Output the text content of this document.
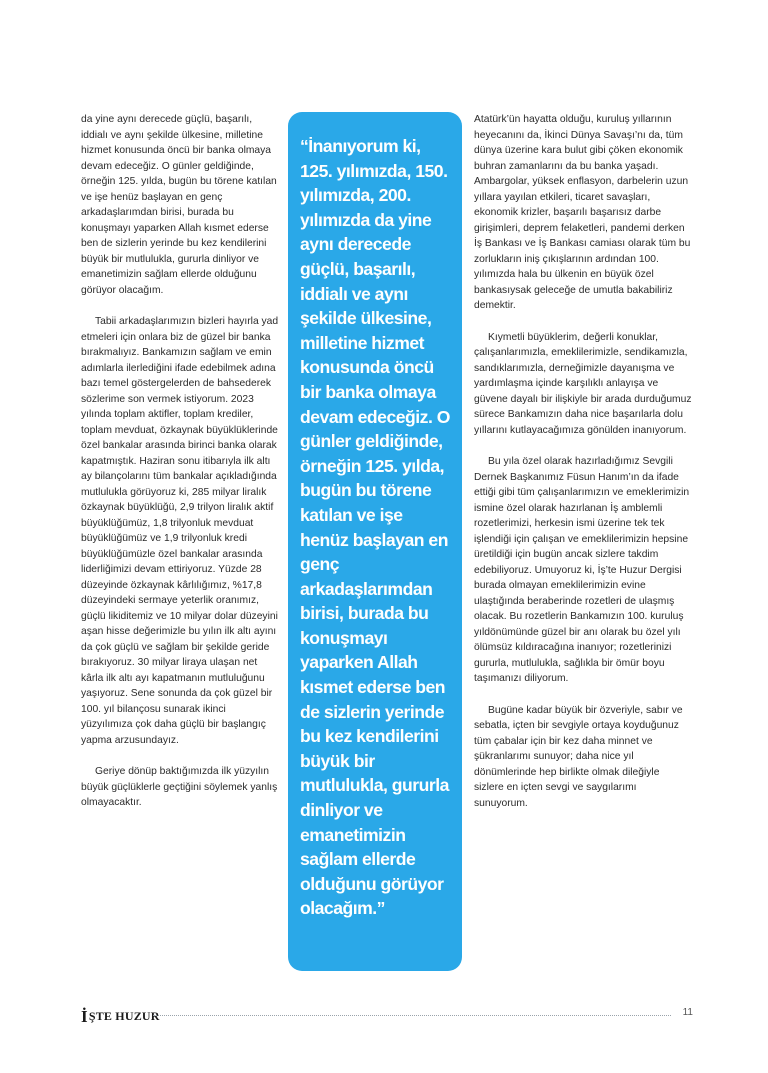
da yine aynı derecede güçlü, başarılı, iddialı ve aynı şekilde ülkesine, milletine hizmet konusunda öncü bir banka olmaya devam edeceğiz. O günler geldiğinde, örneğin 125. yılda, bugün bu törene katılan ve işe henüz başlayan en genç arkadaşlarımdan birisi, burada bu konuşmayı yaparken Allah kısmet ederse ben de sizlerin yerinde bu kez kendilerini büyük bir mutlulukla, gururla dinliyor ve emanetimizin sağlam ellerde olduğunu görüyor olacağım.

Tabii arkadaşlarımızın bizleri hayırla yad etmeleri için onlara biz de güzel bir banka bırakmalıyız. Bankamızın sağlam ve emin adımlarla ilerlediğini ifade edebilmek adına bazı temel göstergelerden de bahsederek sözlerime son vermek istiyorum. 2023 yılında toplam aktifler, toplam krediler, toplam mevduat, özkaynak büyüklüklerinde özel bankalar arasında birinci banka olarak kapatmıştık. Haziran sonu itibarıyla ilk altı ay bilançolarını tüm bankalar açıkladığında mutlulukla görüyoruz ki, 285 milyar liralık özkaynak büyüklüğü, 2,9 trilyon liralık aktif büyüklüğümüz, 1,8 trilyonluk mevduat büyüklüğümüz ve 1,9 trilyonluk kredi büyüklüğümüzle özel bankalar arasında liderliğimizi devam ettiriyoruz. Yüzde 28 düzeyinde özkaynak kârlılığımız, %17,8 düzeyindeki sermaye yeterlik oranımız, güçlü likiditemiz ve 10 milyar dolar düzeyini aşan hisse değerimizle bu yılın ilk altı ayını da çok güçlü ve sağlam bir şekilde geride bırakıyoruz. 30 milyar liraya ulaşan net kârla ilk altı ayı kapatmanın mutluluğunu yaşıyoruz. Sene sonunda da çok güzel bir 100. yıl bilançosu sunarak ikinci yüzyılımıza çok daha güçlü bir başlangıç yapma arzusundayız.

Geriye dönüp baktığımızda ilk yüzyılın büyük güçlüklerle geçtiğini söylemek yanlış olmayacaktır.

“İnanıyorum ki, 125. yılımızda, 150. yılımızda, 200. yılımızda da yine aynı derecede güçlü, başarılı, iddialı ve aynı şekilde ülkesine, milletine hizmet konusunda öncü bir banka olmaya devam edeceğiz. O günler geldiğinde, örneğin 125. yılda, bugün bu törene katılan ve işe henüz başlayan en genç arkadaşlarımdan birisi, burada bu konuşmayı yaparken Allah kısmet ederse ben de sizlerin yerinde bu kez kendilerini büyük bir mutlulukla, gururla dinliyor ve emanetimizin sağlam ellerde olduğunu görüyor olacağım.”

Atatürk’ün hayatta olduğu, kuruluş yıllarının heyecanını da, İkinci Dünya Savaşı’nı da, tüm dünya üzerine kara bulut gibi çöken ekonomik buhran zamanlarını da bu banka yaşadı. Ambargolar, yüksek enflasyon, darbelerin uzun yıllara yayılan etkileri, ticaret savaşları, ekonomik krizler, başarılı başarısız darbe girişimleri, deprem felaketleri, pandemi derken İş Bankası ve İş Bankası camiası olarak tüm bu zorlukların iniş çıkışlarının ardından 100. yılımızda hala bu ülkenin en büyük özel bankasıysak geleceğe de umutla bakabiliriz demektir.

Kıymetli büyüklerim, değerli konuklar, çalışanlarımızla, emeklilerimizle, sendikamızla, sandıklarımızla, derneğimizle dayanışma ve yardımlaşma içinde karşılıklı anlayışa ve güvene dayalı bir ilişkiyle bir arada durduğumuz sürece Bankamızın daha nice başarılarla dolu yıllarını kutlayacağımıza gönülden inanıyorum.

Bu yıla özel olarak hazırladığımız Sevgili Dernek Başkanımız Füsun Hanım’ın da ifade ettiği gibi tüm çalışanlarımızın ve emeklerimizin ismine özel olarak hazırlanan İş amblemli rozetlerimizi, herkesin ismi üzerine tek tek işlendiği için çalışan ve emeklilerimizin hepsine üretildiği için bugün ancak sizlere takdim edebiliyoruz. Umuyoruz ki, İş’te Huzur Dergisi burada olmayan emeklilerimizin evine ulaştığında beraberinde rozetleri de ulaşmış olacak. Bu rozetlerin Bankamızın 100. kuruluş yıldönümünde güzel bir anı olarak bu özel yılı ölümsüz kıldıracağına inanıyor; rozetlerinizi gururla, mutlulukla, sağlıkla bir ömür boyu taşımanızı diliyorum.

Bugüne kadar büyük bir özveriyle, sabır ve sebatla, içten bir sevgiyle ortaya koyduğunuz tüm çabalar için bir kez daha minnet ve şükranlarımı sunuyor; daha nice yıl dönümlerinde hep birlikte olmak dileğiyle sizlere en içten sevgi ve saygılarımı sunuyorum.

İŞTE HUZUR	11
